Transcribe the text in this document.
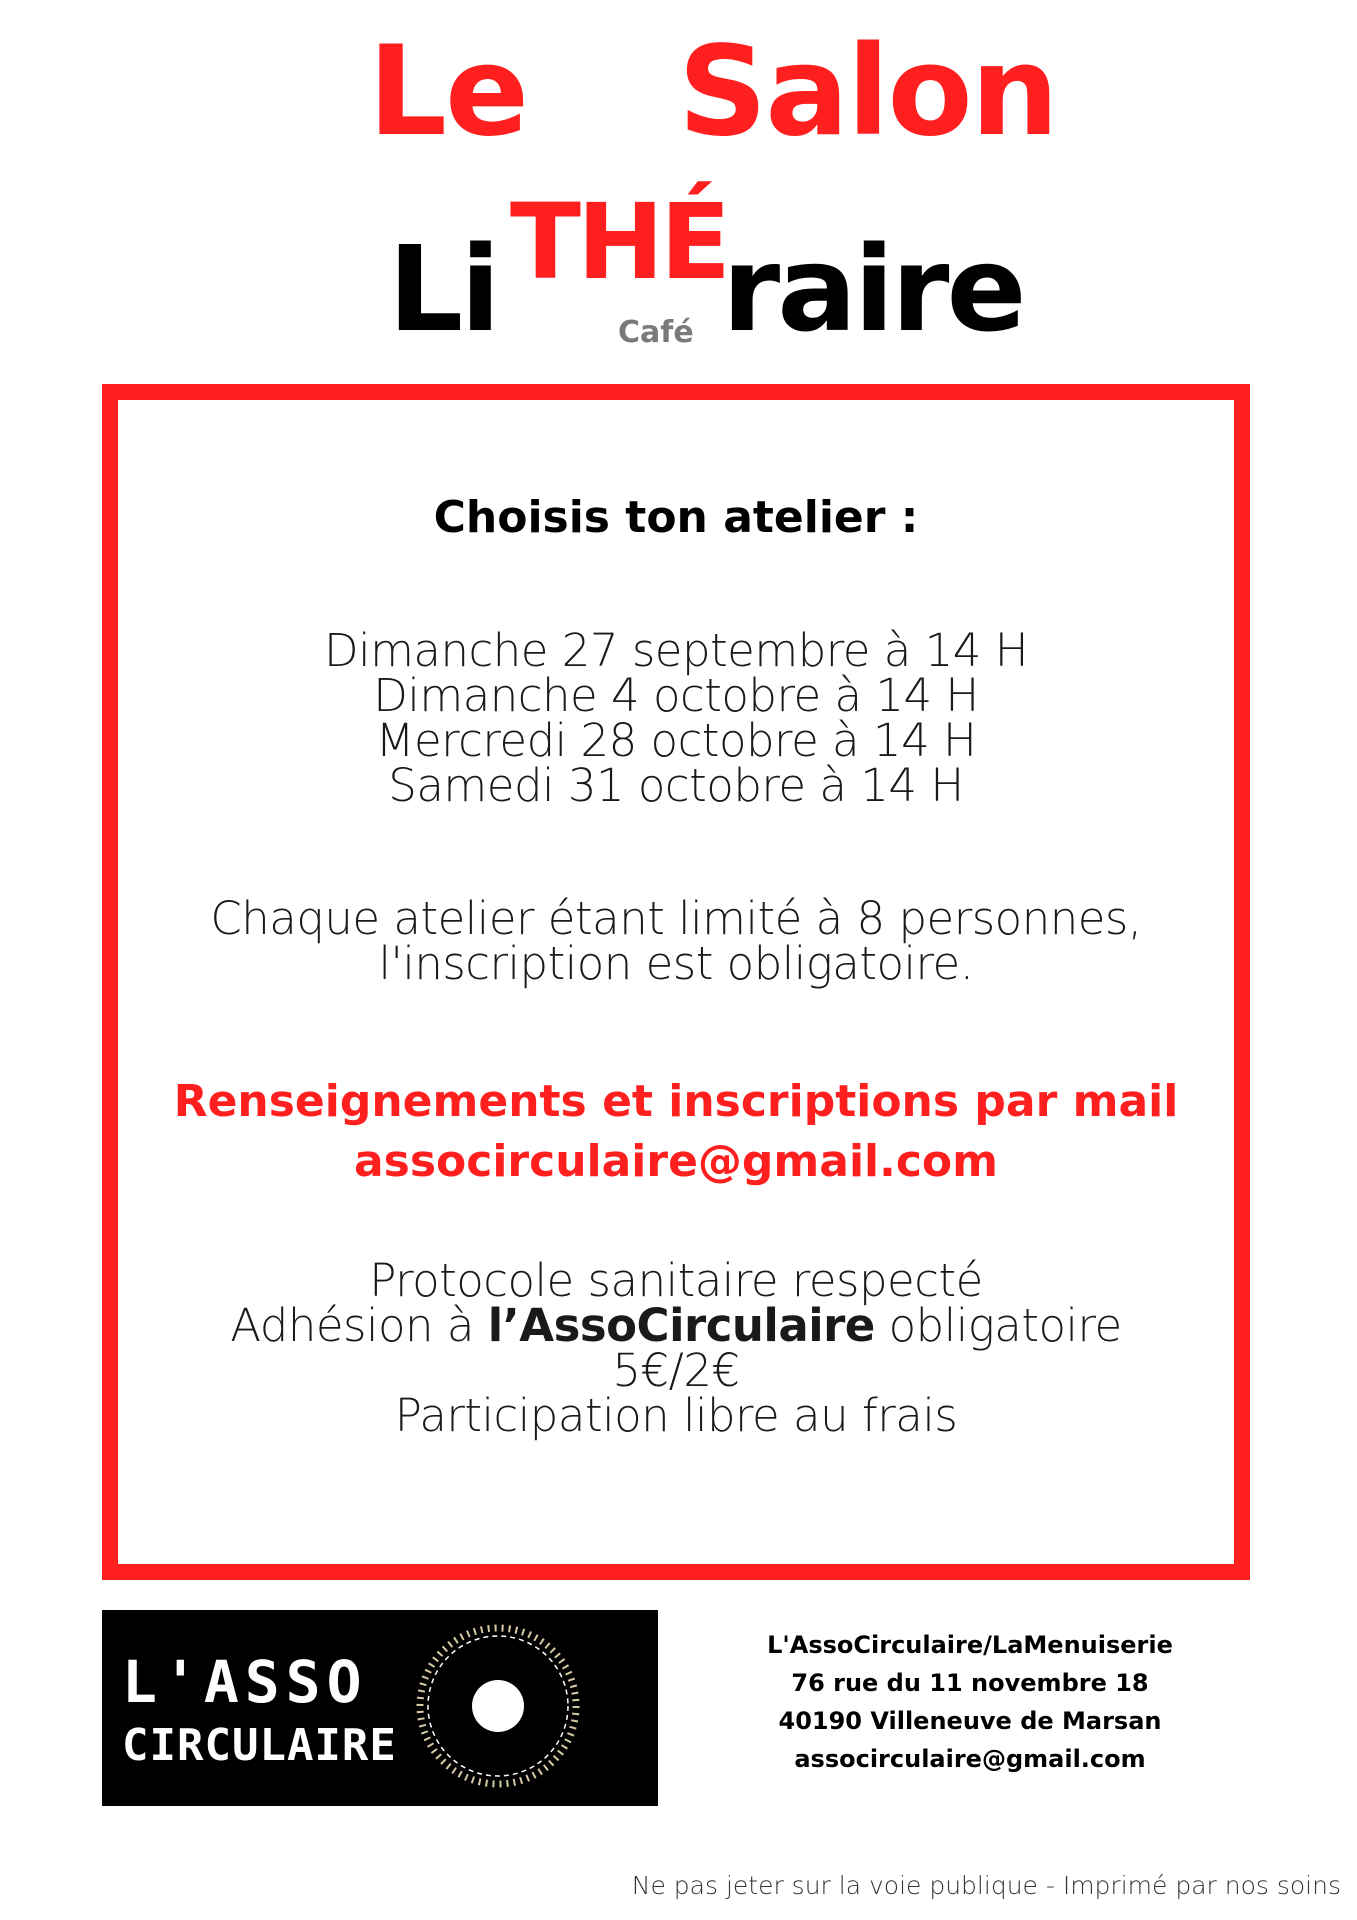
Le Salon
Li THÉ
Café raire
Choisis ton atelier :
Dimanche 27 septembre à 14 H
Dimanche 4 octobre à 14 H
Mercredi 28 octobre à 14 H
Samedi 31 octobre à 14 H
Chaque atelier étant limité à 8 personnes,
l'inscription est obligatoire.
Renseignements et inscriptions par mail
associrculaire@gmail.com
Protocole sanitaire respecté
Adhésion à l’AssoCirculaire obligatoire
5€/2€
Participation libre au frais
L'ASSO
CIRCULAIRE
L'AssoCirculaire/LaMenuiserie
76 rue du 11 novembre 18
40190 Villeneuve de Marsan
associrculaire@gmail.com
Ne pas jeter sur la voie publique - Imprimé par nos soins
